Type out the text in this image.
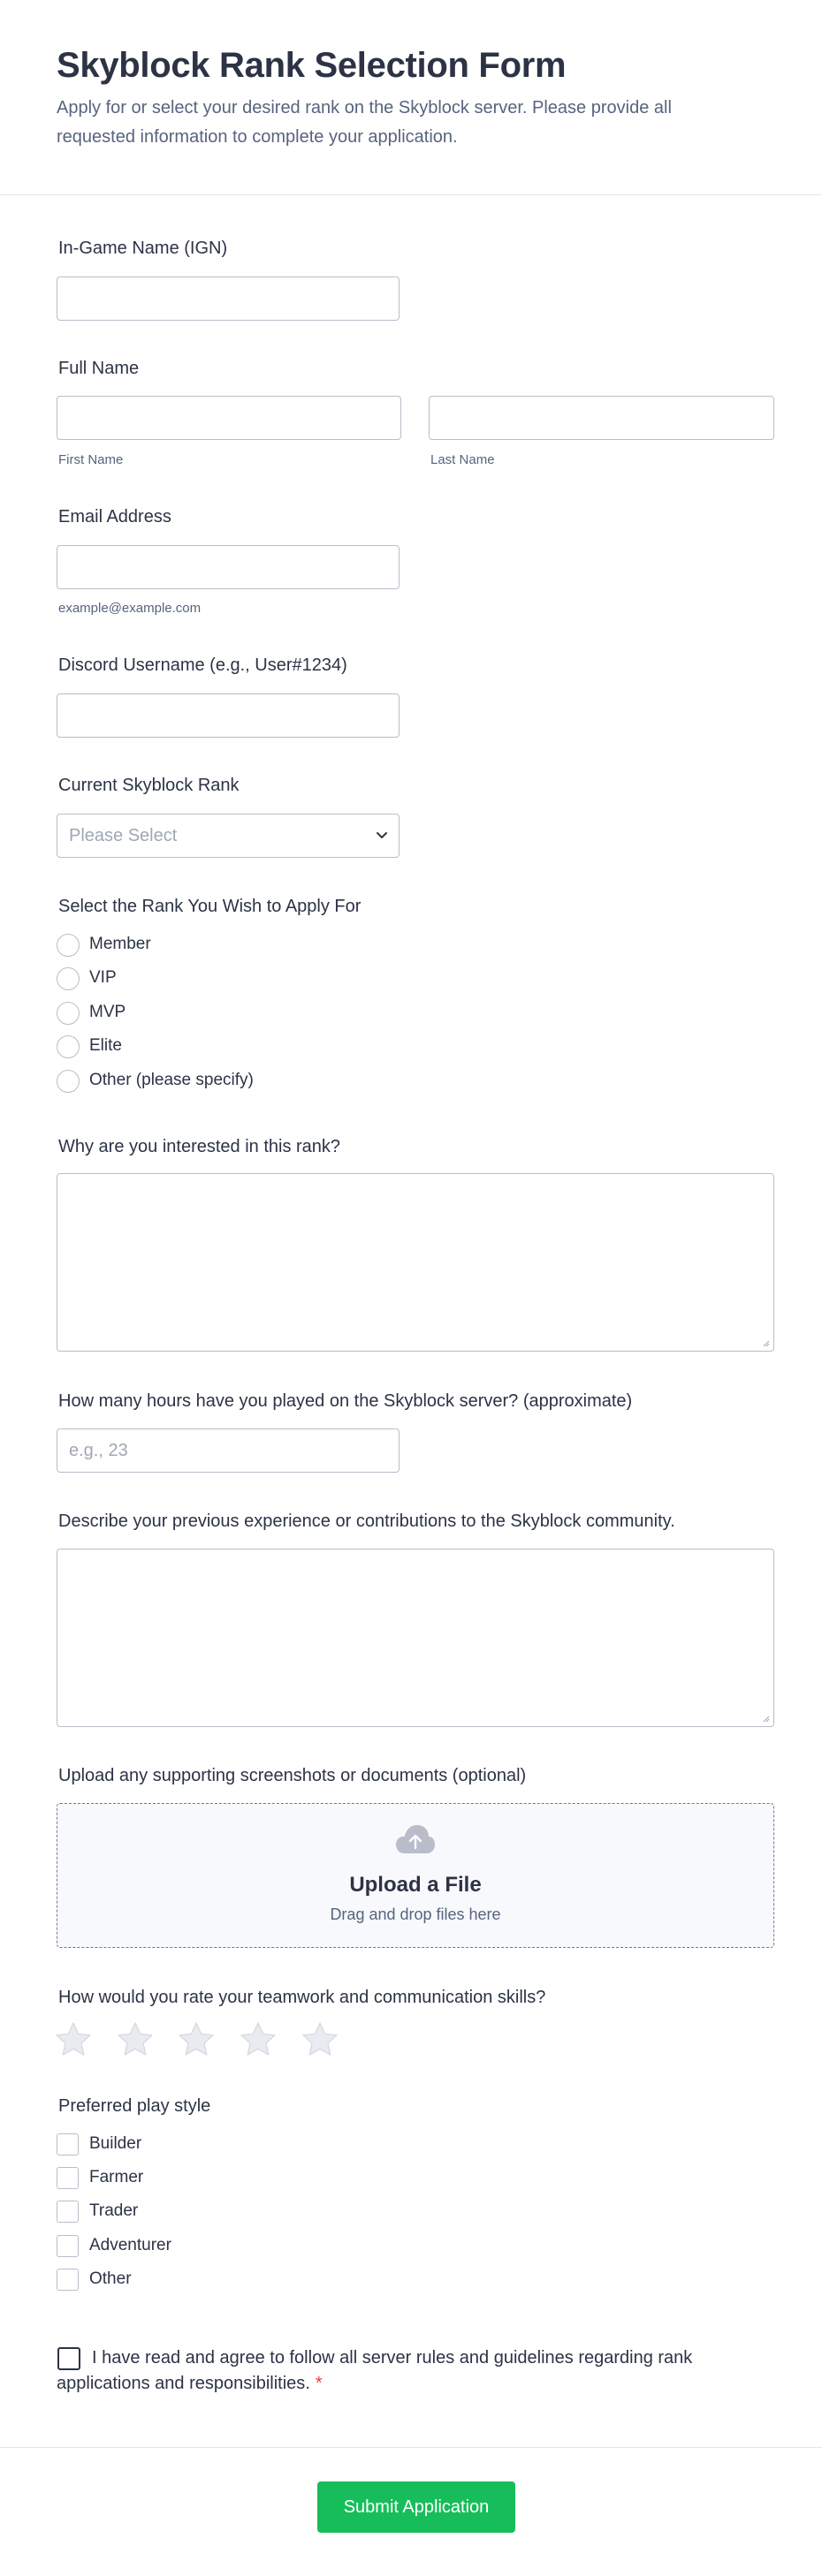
Skyblock Rank Selection Form
Apply for or select your desired rank on the Skyblock server. Please provide all requested information to complete your application.
In-Game Name (IGN)
Full Name
First Name	Last Name
Email Address
example@example.com
Discord Username (e.g., User#1234)
Current Skyblock Rank
Please Select
Select the Rank You Wish to Apply For
Member
VIP
MVP
Elite
Other (please specify)
Why are you interested in this rank?
How many hours have you played on the Skyblock server? (approximate)
e.g., 23
Describe your previous experience or contributions to the Skyblock community.
Upload any supporting screenshots or documents (optional)
Upload a File
Drag and drop files here
How would you rate your teamwork and communication skills?
Preferred play style
Builder
Farmer
Trader
Adventurer
Other
I have read and agree to follow all server rules and guidelines regarding rank applications and responsibilities. *
Submit Application
